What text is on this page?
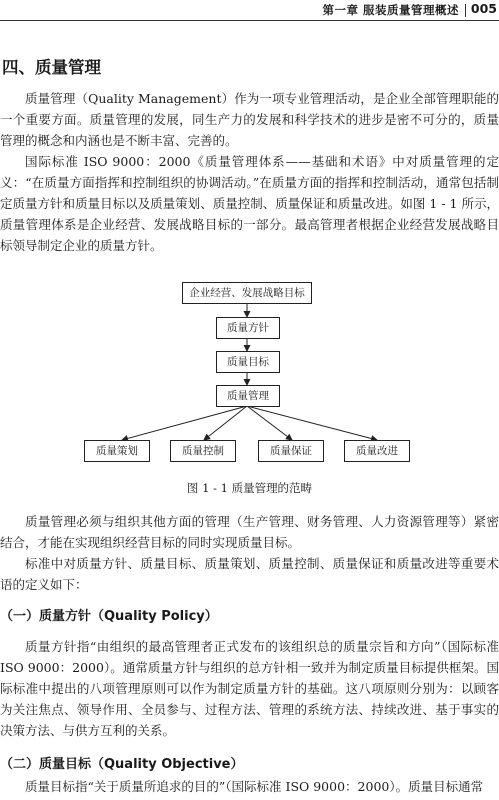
第一章 服装质量管理概述 005
四、质量管理

质量管理（Quality Management）作为一项专业管理活动，是企业全部管理职能的一个重要方面。质量管理的发展，同生产力的发展和科学技术的进步是密不可分的，质量管理的概念和内涵也是不断丰富、完善的。

国际标准 ISO 9000：2000《质量管理体系——基础和术语》中对质量管理的定义：“在质量方面指挥和控制组织的协调活动。”在质量方面的指挥和控制活动，通常包括制定质量方针和质量目标以及质量策划、质量控制、质量保证和质量改进。如图 1 - 1 所示，质量管理体系是企业经营、发展战略目标的一部分。最高管理者根据企业经营发展战略目标领导制定企业的质量方针。

企业经营、发展战略目标
质量方针
质量目标
质量管理
质量策划	质量控制	质量保证	质量改进
图 1 - 1 质量管理的范畴

质量管理必须与组织其他方面的管理（生产管理、财务管理、人力资源管理等）紧密结合，才能在实现组织经营目标的同时实现质量目标。

标准中对质量方针、质量目标、质量策划、质量控制、质量保证和质量改进等重要术语的定义如下：

（一）质量方针（Quality Policy）

质量方针指“由组织的最高管理者正式发布的该组织总的质量宗旨和方向”（国际标准 ISO 9000：2000）。通常质量方针与组织的总方针相一致并为制定质量目标提供框架。国际标准中提出的八项管理原则可以作为制定质量方针的基础。这八项原则分别为：以顾客为关注焦点、领导作用、全员参与、过程方法、管理的系统方法、持续改进、基于事实的决策方法、与供方互利的关系。

（二）质量目标（Quality Objective）

质量目标指“关于质量所追求的目的”（国际标准 ISO 9000：2000）。质量目标通常
